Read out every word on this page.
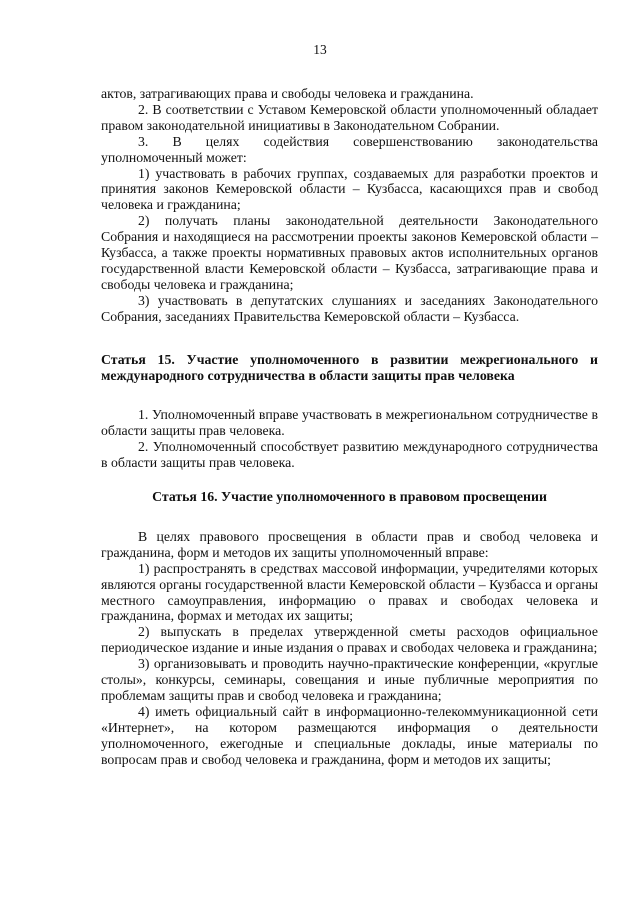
13

актов, затрагивающих права и свободы человека и гражданина.

2. В соответствии с Уставом Кемеровской области уполномоченный обладает правом законодательной инициативы в Законодательном Собрании.

3. В целях содействия совершенствованию законодательства уполномоченный может:

1) участвовать в рабочих группах, создаваемых для разработки проектов и принятия законов Кемеровской области – Кузбасса, касающихся прав и свобод человека и гражданина;

2) получать планы законодательной деятельности Законодательного Собрания и находящиеся на рассмотрении проекты законов Кемеровской области – Кузбасса, а также проекты нормативных правовых актов исполнительных органов государственной власти Кемеровской области – Кузбасса, затрагивающие права и свободы человека и гражданина;

3) участвовать в депутатских слушаниях и заседаниях Законодательного Собрания, заседаниях Правительства Кемеровской области – Кузбасса.

Статья 15. Участие уполномоченного в развитии межрегионального и международного сотрудничества в области защиты прав человека

1. Уполномоченный вправе участвовать в межрегиональном сотрудничестве в области защиты прав человека.

2. Уполномоченный способствует развитию международного сотрудничества в области защиты прав человека.

Статья 16. Участие уполномоченного в правовом просвещении

В целях правового просвещения в области прав и свобод человека и гражданина, форм и методов их защиты уполномоченный вправе:

1) распространять в средствах массовой информации, учредителями которых являются органы государственной власти Кемеровской области – Кузбасса и органы местного самоуправления, информацию о правах и свободах человека и гражданина, формах и методах их защиты;

2) выпускать в пределах утвержденной сметы расходов официальное периодическое издание и иные издания о правах и свободах человека и гражданина;

3) организовывать и проводить научно-практические конференции, «круглые столы», конкурсы, семинары, совещания и иные публичные мероприятия по проблемам защиты прав и свобод человека и гражданина;

4) иметь официальный сайт в информационно-телекоммуникационной сети «Интернет», на котором размещаются информация о деятельности уполномоченного, ежегодные и специальные доклады, иные материалы по вопросам прав и свобод человека и гражданина, форм и методов их защиты;
